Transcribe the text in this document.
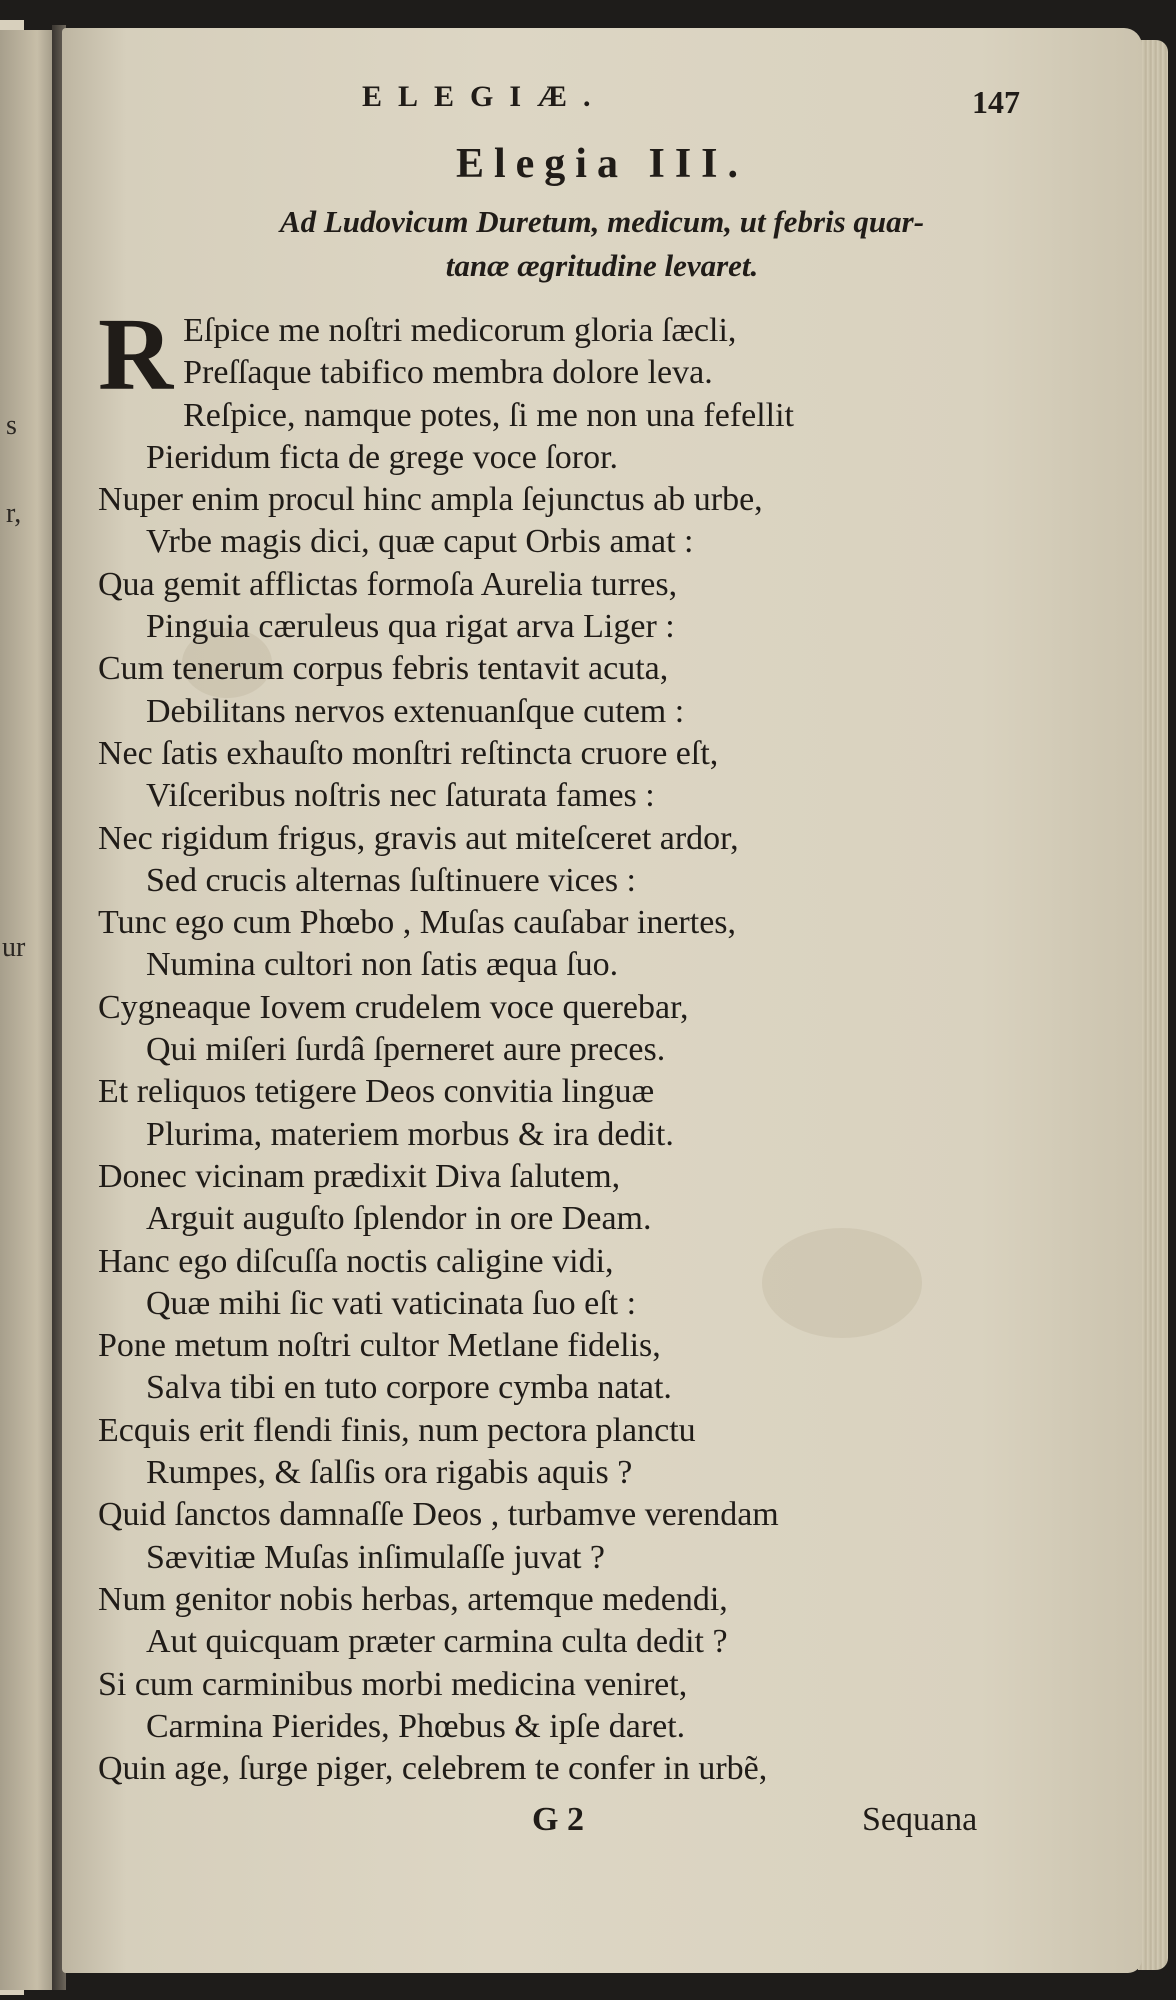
s
r,
ur
ELEGIÆ.	147
Elegia III.
Ad Ludovicum Duretum, medicum, ut febris quar-
tanæ ægritudine levaret.
R Eſpice me noſtri medicorum gloria ſæcli,
Preſſaque tabifico membra dolore leva.
Reſpice, namque potes, ſi me non una fefellit
Pieridum ficta de grege voce ſoror.
Nuper enim procul hinc ampla ſejunctus ab urbe,
Vrbe magis dici, quæ caput Orbis amat :
Qua gemit afflictas formoſa Aurelia turres,
Pinguia cæruleus qua rigat arva Liger :
Cum tenerum corpus febris tentavit acuta,
Debilitans nervos extenuanſque cutem :
Nec ſatis exhauſto monſtri reſtincta cruore eſt,
Viſceribus noſtris nec ſaturata fames :
Nec rigidum frigus, gravis aut miteſceret ardor,
Sed crucis alternas ſuſtinuere vices :
Tunc ego cum Phœbo , Muſas cauſabar inertes,
Numina cultori non ſatis æqua ſuo.
Cygneaque Iovem crudelem voce querebar,
Qui miſeri ſurdâ ſperneret aure preces.
Et reliquos tetigere Deos convitia linguæ
Plurima, materiem morbus & ira dedit.
Donec vicinam prædixit Diva ſalutem,
Arguit auguſto ſplendor in ore Deam.
Hanc ego diſcuſſa noctis caligine vidi,
Quæ mihi ſic vati vaticinata ſuo eſt :
Pone metum noſtri cultor Metlane fidelis,
Salva tibi en tuto corpore cymba natat.
Ecquis erit flendi finis, num pectora planctu
Rumpes, & ſalſis ora rigabis aquis ?
Quid ſanctos damnaſſe Deos , turbamve verendam
Sævitiæ Muſas inſimulaſſe juvat ?
Num genitor nobis herbas, artemque medendi,
Aut quicquam præter carmina culta dedit ?
Si cum carminibus morbi medicina veniret,
Carmina Pierides, Phœbus & ipſe daret.
Quin age, ſurge piger, celebrem te confer in urbẽ,
G 2	Sequana
